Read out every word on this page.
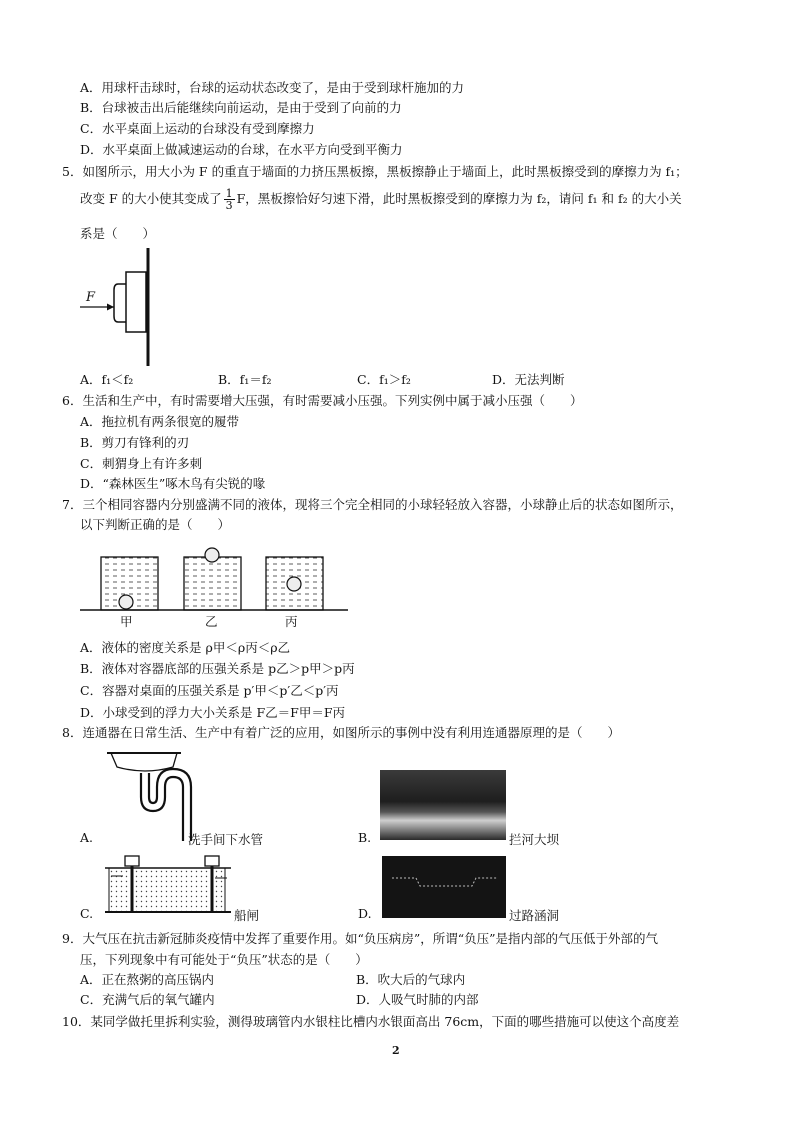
A．用球杆击球时，台球的运动状态改变了，是由于受到球杆施加的力
B．台球被击出后能继续向前运动，是由于受到了向前的力
C．水平桌面上运动的台球没有受到摩擦力
D．水平桌面上做减速运动的台球，在水平方向受到平衡力
5．如图所示，用大小为 F 的重直于墙面的力挤压黑板擦，黑板擦静止于墙面上，此时黑板擦受到的摩擦力为 f₁；
改变 F 的大小使其变成了 $\frac{1}{3}$ F，黑板擦恰好匀速下滑，此时黑板擦受到的摩擦力为 f₂，请问 f₁ 和 f₂ 的大小关
系是（　　）
F
A．f₁＜f₂	B．f₁＝f₂	C．f₁＞f₂	D．无法判断
6．生活和生产中，有时需要增大压强，有时需要减小压强。下列实例中属于减小压强（　　）
A．拖拉机有两条很宽的履带
B．剪刀有锋利的刃
C．刺猬身上有许多刺
D．“森林医生”啄木鸟有尖锐的喙
7．三个相同容器内分别盛满不同的液体，现将三个完全相同的小球轻轻放入容器，小球静止后的状态如图所示，
以下判断正确的是（　　）
甲	乙	丙
A．液体的密度关系是 ρ甲＜ρ丙＜ρ乙
B．液体对容器底部的压强关系是 p乙＞p甲＞p丙
C．容器对桌面的压强关系是 p′甲＜p′乙＜p′丙
D．小球受到的浮力大小关系是 F乙＝F甲＝F丙
8．连通器在日常生活、生产中有着广泛的应用，如图所示的事例中没有利用连通器原理的是（　　）
A.	洗手间下水管	B.	拦河大坝
C.	船闸	D.	过路涵洞
9．大气压在抗击新冠肺炎疫情中发挥了重要作用。如“负压病房”，所谓“负压”是指内部的气压低于外部的气
压，下列现象中有可能处于“负压”状态的是（　　）
A．正在熬粥的高压锅内	B．吹大后的气球内
C．充满气后的氧气罐内	D．人吸气时肺的内部
10．某同学做托里拆利实验，测得玻璃管内水银柱比槽内水银面高出 76cm，下面的哪些措施可以使这个高度差
2
